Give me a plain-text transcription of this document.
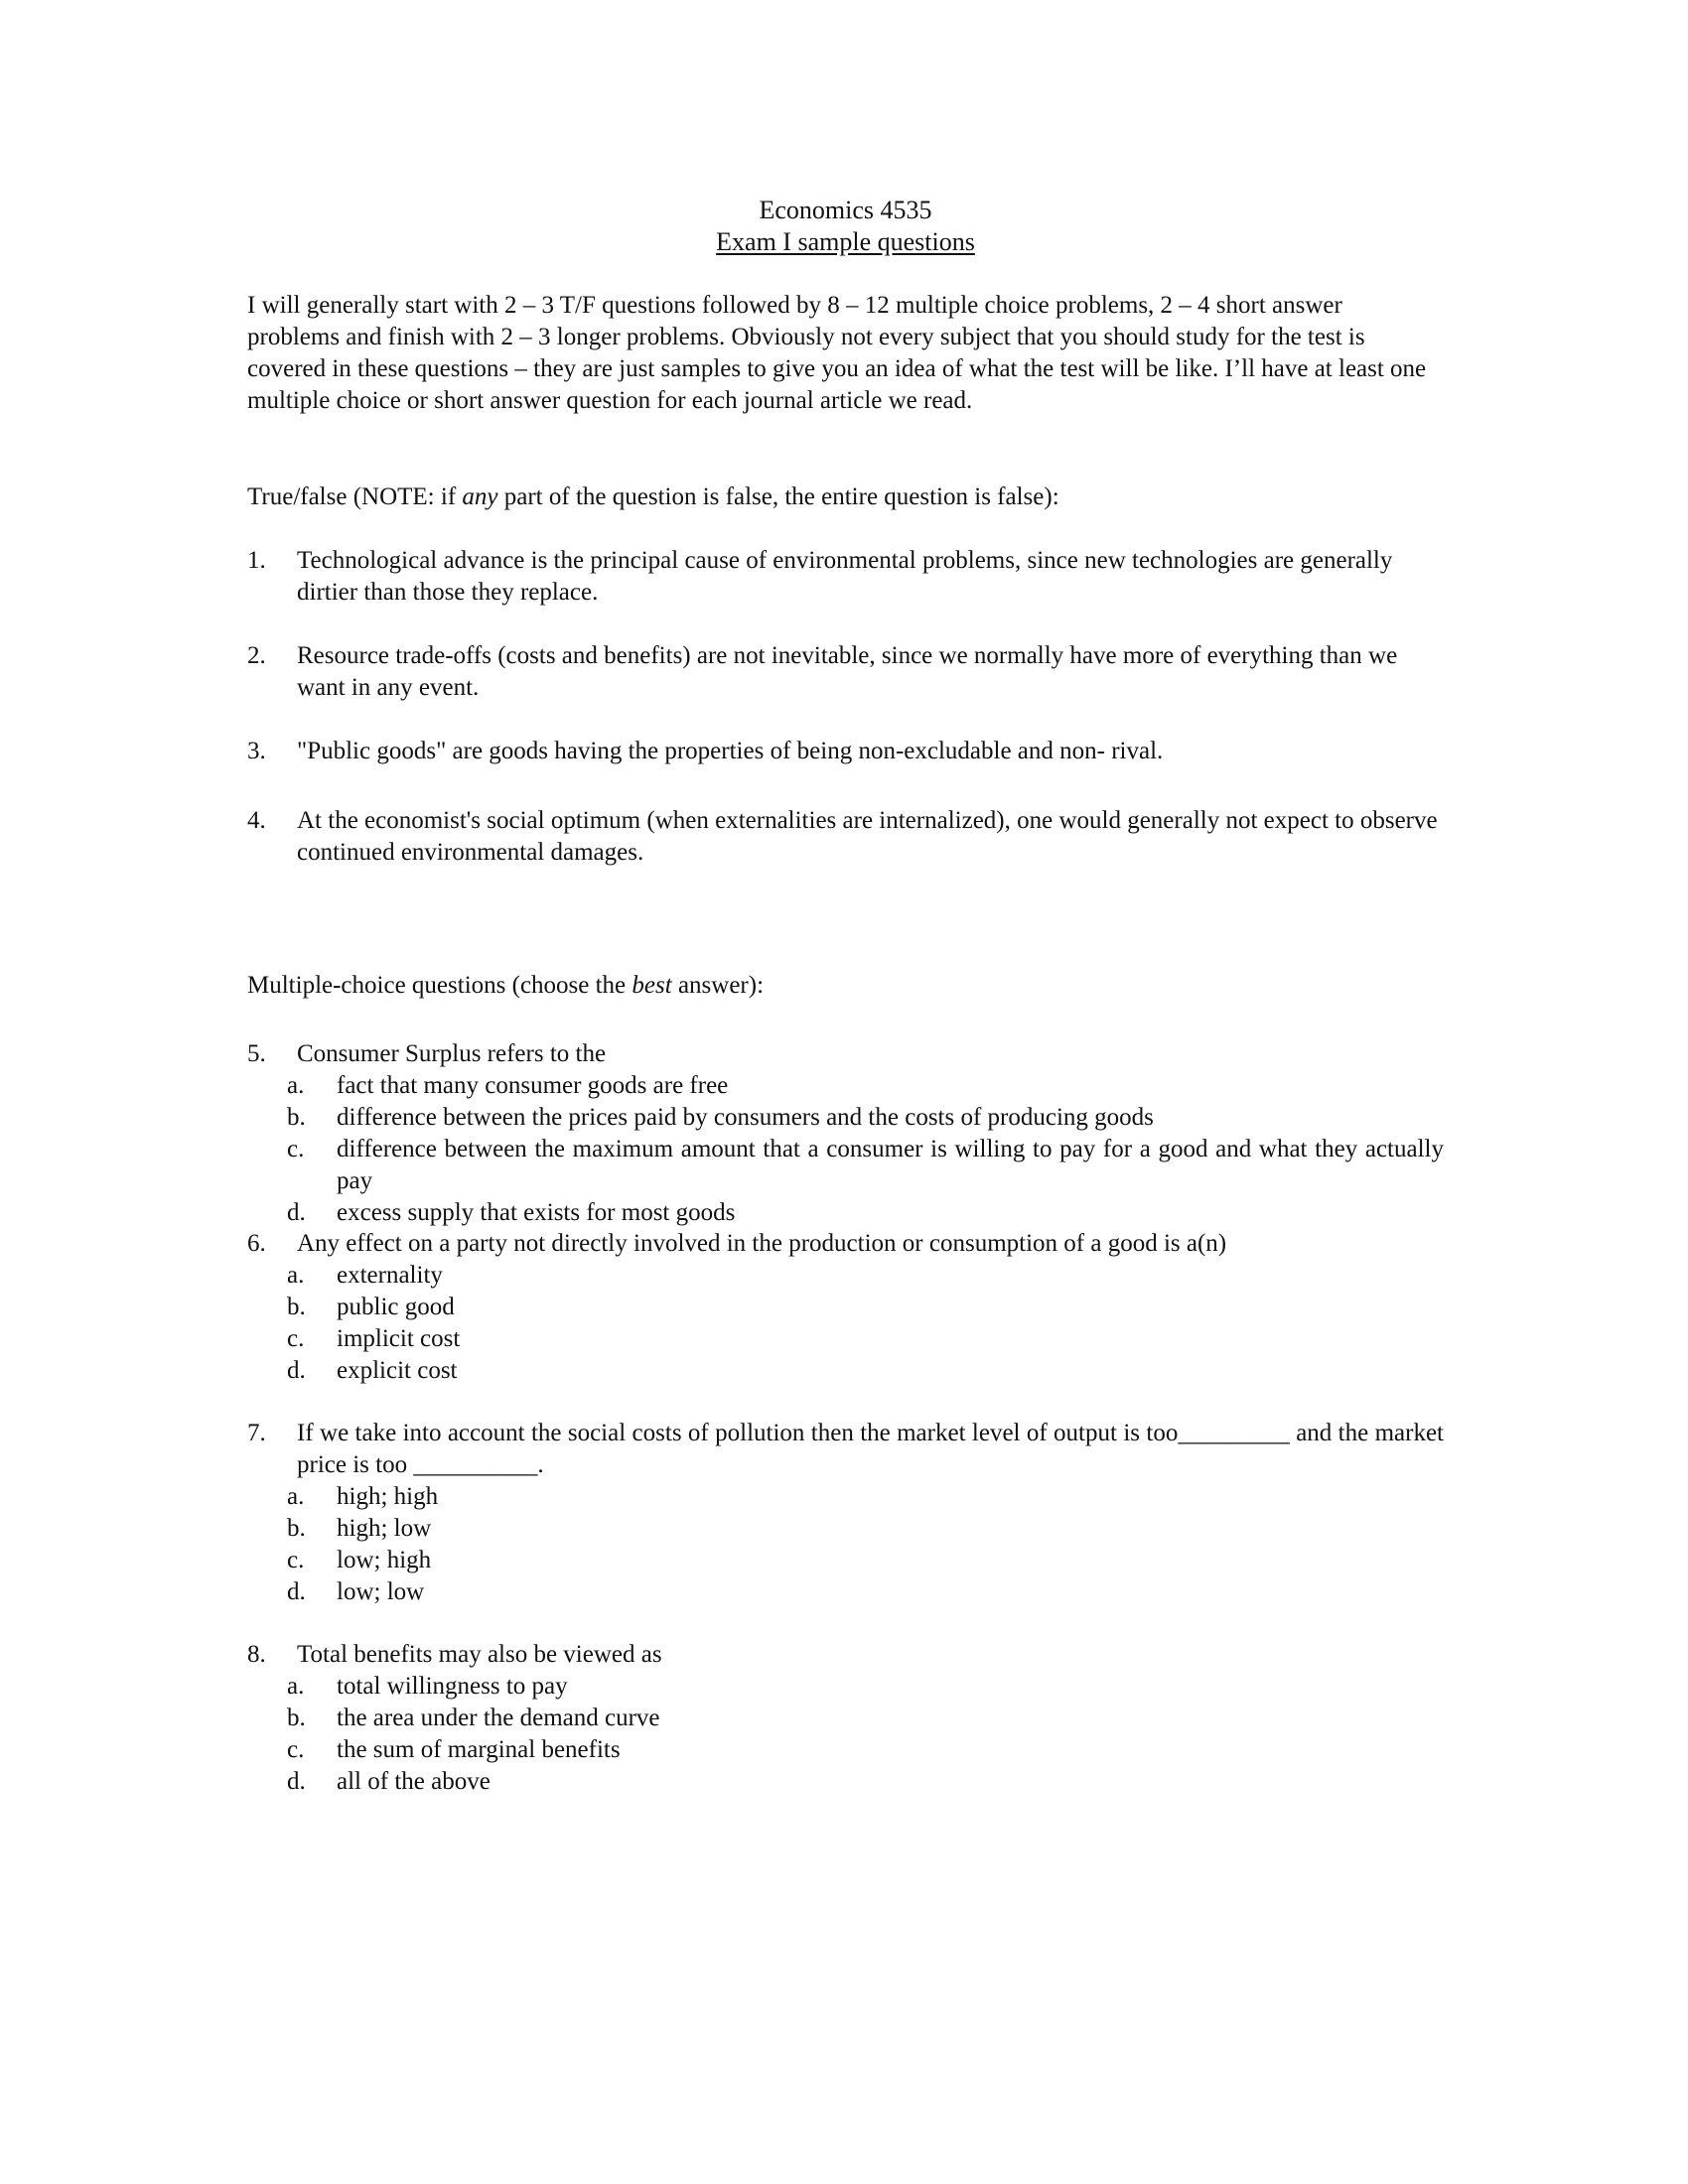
Economics 4535
Exam I sample questions
I will generally start with 2 – 3 T/F questions followed by 8 – 12 multiple choice problems, 2 – 4 short answer problems and finish with 2 – 3 longer problems. Obviously not every subject that you should study for the test is covered in these questions – they are just samples to give you an idea of what the test will be like. I’ll have at least one multiple choice or short answer question for each journal article we read.
True/false (NOTE: if any part of the question is false, the entire question is false):
1.	Technological advance is the principal cause of environmental problems, since new technologies are generally dirtier than those they replace.
2.	Resource trade-offs (costs and benefits) are not inevitable, since we normally have more of everything than we want in any event.
3.	"Public goods" are goods having the properties of being non-excludable and non- rival.
4.	At the economist's social optimum (when externalities are internalized), one would generally not expect to observe continued environmental damages.
Multiple-choice questions (choose the best answer):
5.	Consumer Surplus refers to the
a.	fact that many consumer goods are free
b.	difference between the prices paid by consumers and the costs of producing goods
c.	difference between the maximum amount that a consumer is willing to pay for a good and what they actually pay
d.	excess supply that exists for most goods
6.	Any effect on a party not directly involved in the production or consumption of a good is a(n)
a.	externality
b.	public good
c.	implicit cost
d.	explicit cost
7.	If we take into account the social costs of pollution then the market level of output is too_________ and the market price is too __________.
a.	high; high
b.	high; low
c.	low; high
d.	low; low
8.	Total benefits may also be viewed as
a.	total willingness to pay
b.	the area under the demand curve
c.	the sum of marginal benefits
d.	all of the above
